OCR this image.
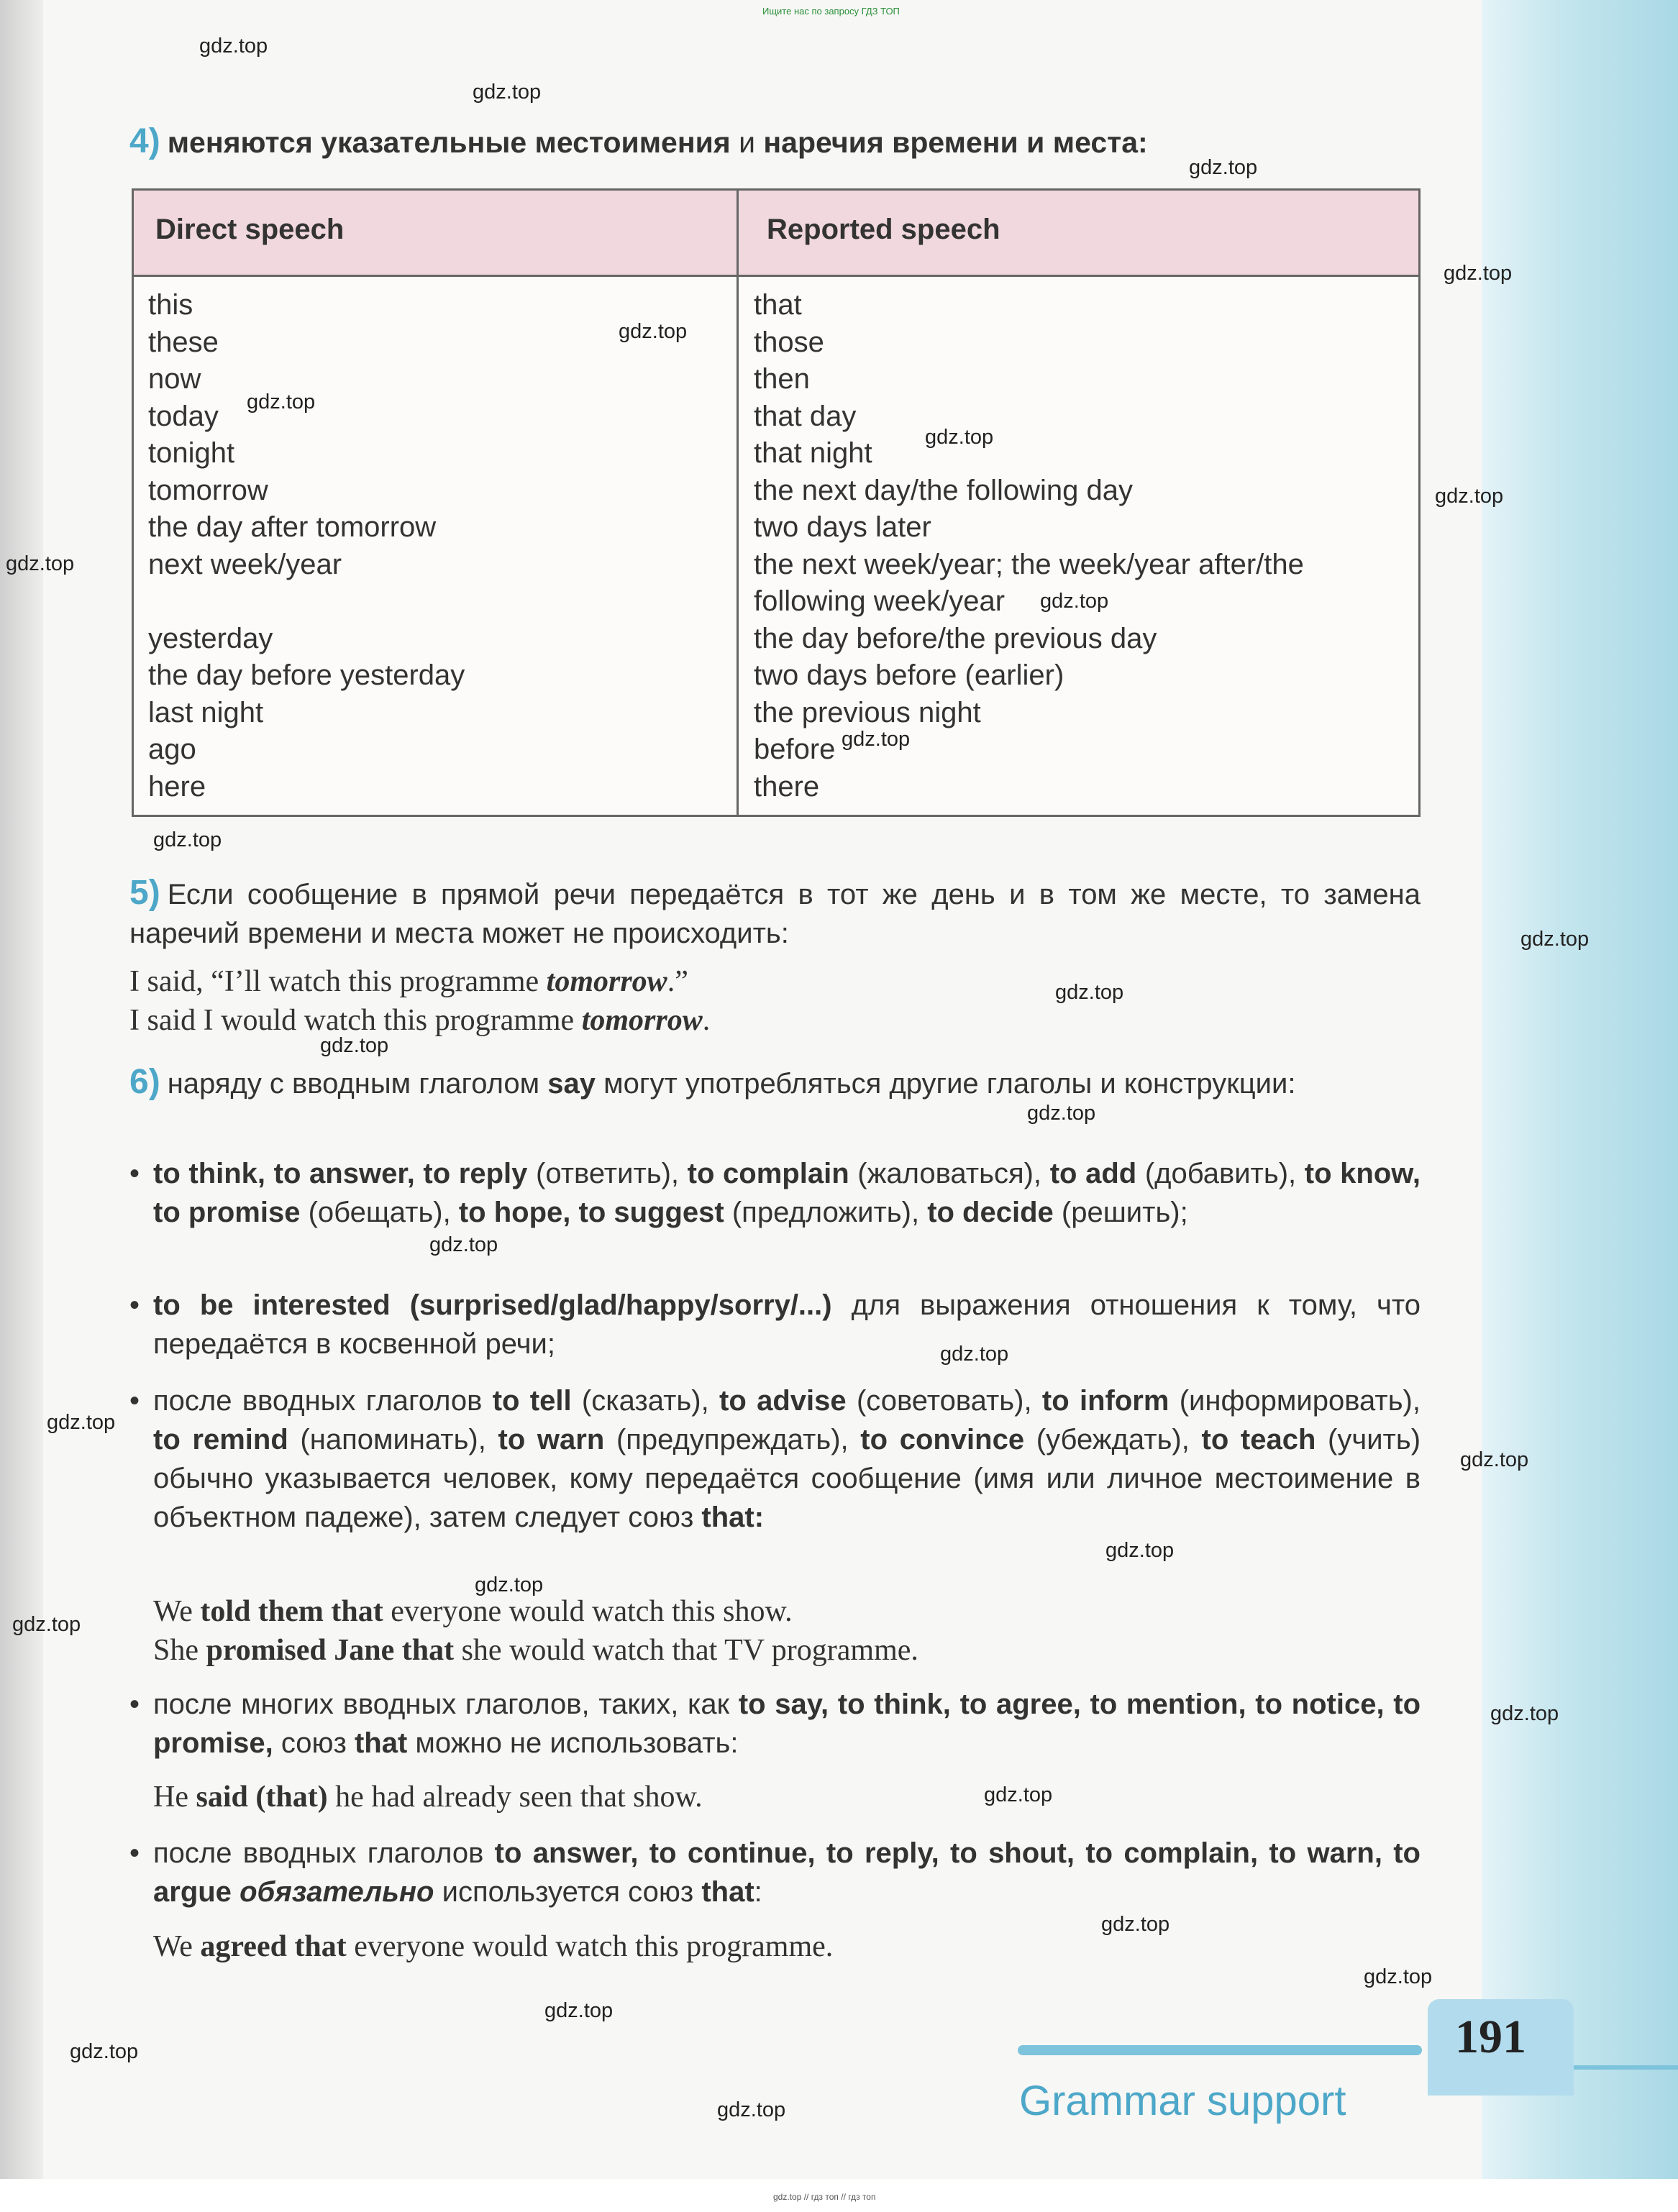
Ищите нас по запросу ГДЗ ТОП
gdz.top // гдз топ // гдз топ
4) меняются указательные местоимения и наречия времени и места:
Direct speech	Reported speech
this
these
now
today
tonight
tomorrow
the day after tomorrow
next week/year
yesterday
the day before yesterday
last night
ago
here
that
those
then
that day
that night
the next day/the following day
two days later
the next week/year; the week/year after/the
following week/year
the day before/the previous day
two days before (earlier)
the previous night
before
there
5) Если сообщение в прямой речи передаётся в тот же день и в том же месте, то замена наречий времени и места может не происходить:
I said, “I’ll watch this programme tomorrow.”
I said I would watch this programme tomorrow.
6) наряду с вводным глаголом say могут употребляться другие глаголы и конструкции:
• to think, to answer, to reply (ответить), to complain (жаловаться), to add (добавить), to know, to promise (обещать), to hope, to suggest (предложить), to decide (решить);
• to be interested (surprised/glad/happy/sorry/...) для выражения отношения к тому, что передаётся в косвенной речи;
• после вводных глаголов to tell (сказать), to advise (советовать), to inform (информировать), to remind (напоминать), to warn (предупреждать), to convince (убеждать), to teach (учить) обычно указывается человек, кому передаётся сообщение (имя или личное местоимение в объектном падеже), затем следует союз that:
We told them that everyone would watch this show.
She promised Jane that she would watch that TV programme.
• после многих вводных глаголов, таких, как to say, to think, to agree, to mention, to notice, to promise, союз that можно не использовать:
He said (that) he had already seen that show.
• после вводных глаголов to answer, to continue, to reply, to shout, to complain, to warn, to argue обязательно используется союз that:
We agreed that everyone would watch this programme.
191
Grammar support
gdz.top
gdz.top
gdz.top
gdz.top
gdz.top
gdz.top
gdz.top
gdz.top
gdz.top
gdz.top
gdz.top
gdz.top
gdz.top
gdz.top
gdz.top
gdz.top
gdz.top
gdz.top
gdz.top
gdz.top
gdz.top
gdz.top
gdz.top
gdz.top
gdz.top
gdz.top
gdz.top
gdz.top
gdz.top
gdz.top
